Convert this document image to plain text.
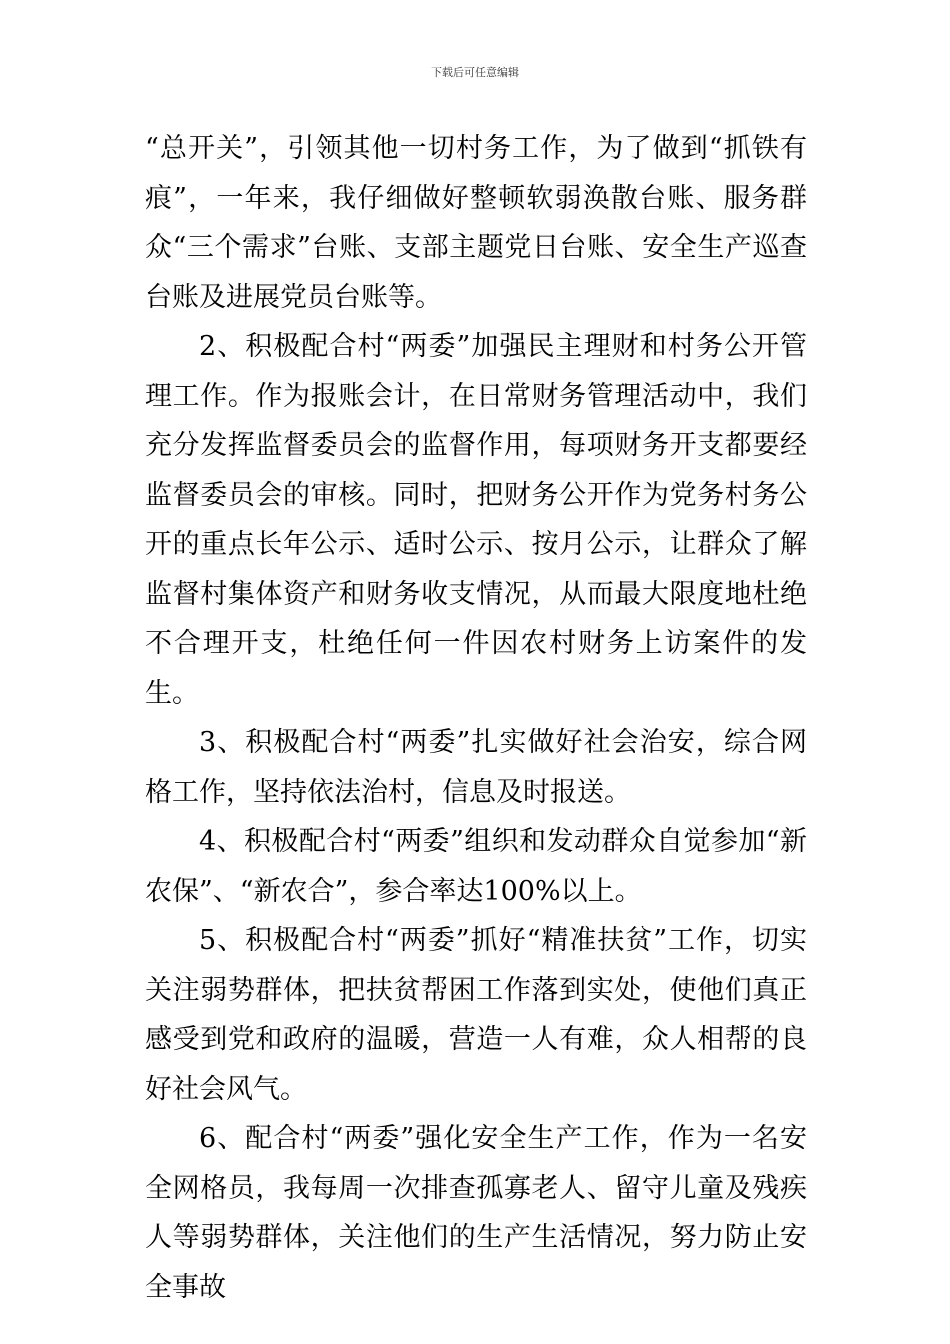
下载后可任意编辑

“总开关”，引领其他一切村务工作，为了做到“抓铁有痕”，一年来，我仔细做好整顿软弱涣散台账、服务群众“三个需求”台账、支部主题党日台账、安全生产巡查台账及进展党员台账等。

2、积极配合村“两委”加强民主理财和村务公开管理工作。作为报账会计，在日常财务管理活动中，我们充分发挥监督委员会的监督作用，每项财务开支都要经监督委员会的审核。同时，把财务公开作为党务村务公开的重点长年公示、适时公示、按月公示，让群众了解监督村集体资产和财务收支情况，从而最大限度地杜绝不合理开支，杜绝任何一件因农村财务上访案件的发生。

3、积极配合村“两委”扎实做好社会治安，综合网格工作，坚持依法治村，信息及时报送。

4、积极配合村“两委”组织和发动群众自觉参加“新农保”、“新农合”，参合率达100%以上。

5、积极配合村“两委”抓好“精准扶贫”工作，切实关注弱势群体，把扶贫帮困工作落到实处，使他们真正感受到党和政府的温暖，营造一人有难，众人相帮的良好社会风气。

6、配合村“两委”强化安全生产工作，作为一名安全网格员，我每周一次排查孤寡老人、留守儿童及残疾人等弱势群体，关注他们的生产生活情况，努力防止安全事故
